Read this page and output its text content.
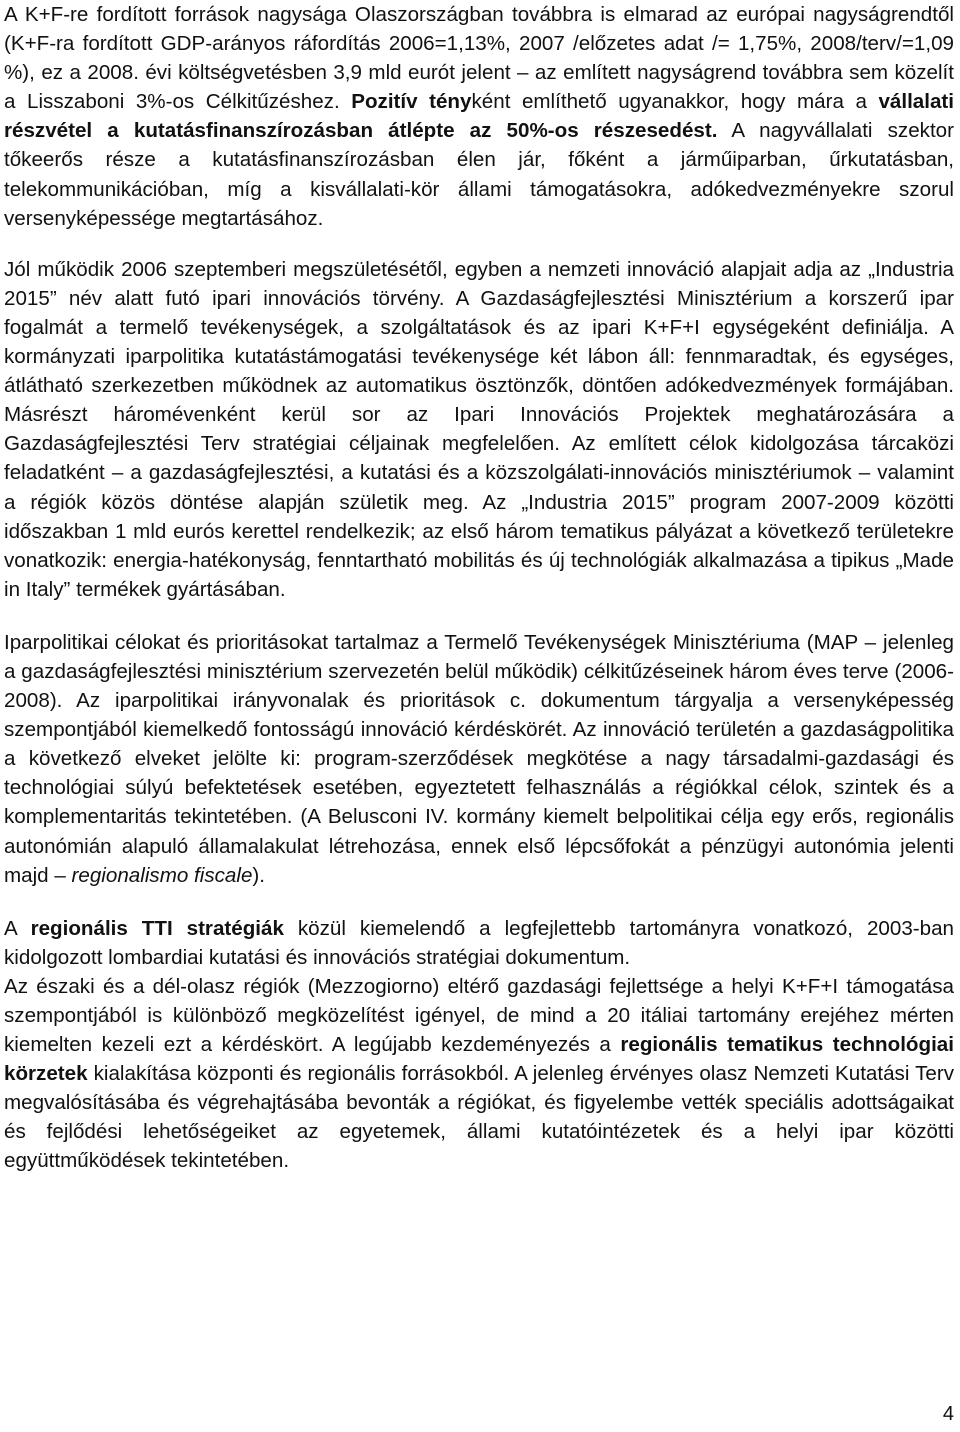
A K+F-re fordított források nagysága Olaszországban továbbra is elmarad az európai nagyságrendtől (K+F-ra fordított GDP-arányos ráfordítás 2006=1,13%, 2007 /előzetes adat /= 1,75%, 2008/terv/=1,09 %), ez a 2008. évi költségvetésben 3,9 mld eurót jelent – az említett nagyságrend továbbra sem közelít a Lisszaboni 3%-os Célkitűzéshez. Pozitív tényként említhető ugyanakkor, hogy mára a vállalati részvétel a kutatásfinanszírozásban átlépte az 50%-os részesedést. A nagyvállalati szektor tőkeerős része a kutatásfinanszírozásban élen jár, főként a járműiparban, űrkutatásban, telekommunikációban, míg a kisvállalati-kör állami támogatásokra, adókedvezményekre szorul versenyképessége megtartásához.

Jól működik 2006 szeptemberi megszületésétől, egyben a nemzeti innováció alapjait adja az „Industria 2015” név alatt futó ipari innovációs törvény. A Gazdaságfejlesztési Minisztérium a korszerű ipar fogalmát a termelő tevékenységek, a szolgáltatások és az ipari K+F+I egységeként definiálja. A kormányzati iparpolitika kutatástámogatási tevékenysége két lábon áll: fennmaradtak, és egységes, átlátható szerkezetben működnek az automatikus ösztönzők, döntően adókedvezmények formájában. Másrészt háromévenként kerül sor az Ipari Innovációs Projektek meghatározására a Gazdaságfejlesztési Terv stratégiai céljainak megfelelően. Az említett célok kidolgozása tárcaközi feladatként – a gazdaságfejlesztési, a kutatási és a közszolgálati-innovációs minisztériumok – valamint a régiók közös döntése alapján születik meg. Az „Industria 2015” program 2007-2009 közötti időszakban 1 mld eurós kerettel rendelkezik; az első három tematikus pályázat a következő területekre vonatkozik: energia-hatékonyság, fenntartható mobilitás és új technológiák alkalmazása a tipikus „Made in Italy” termékek gyártásában.

Iparpolitikai célokat és prioritásokat tartalmaz a Termelő Tevékenységek Minisztériuma (MAP – jelenleg a gazdaságfejlesztési minisztérium szervezetén belül működik) célkitűzéseinek három éves terve (2006-2008). Az iparpolitikai irányvonalak és prioritások c. dokumentum tárgyalja a versenyképesség szempontjából kiemelkedő fontosságú innováció kérdéskörét. Az innováció területén a gazdaságpolitika a következő elveket jelölte ki: program-szerződések megkötése a nagy társadalmi-gazdasági és technológiai súlyú befektetések esetében, egyeztetett felhasználás a régiókkal célok, szintek és a komplementaritás tekintetében. (A Belusconi IV. kormány kiemelt belpolitikai célja egy erős, regionális autonómián alapuló államalakulat létrehozása, ennek első lépcsőfokát a pénzügyi autonómia jelenti majd – regionalismo fiscale).

A regionális TTI stratégiák közül kiemelendő a legfejlettebb tartományra vonatkozó, 2003-ban kidolgozott lombardiai kutatási és innovációs stratégiai dokumentum.

Az északi és a dél-olasz régiók (Mezzogiorno) eltérő gazdasági fejlettsége a helyi K+F+I támogatása szempontjából is különböző megközelítést igényel, de mind a 20 itáliai tartomány erejéhez mérten kiemelten kezeli ezt a kérdéskört. A legújabb kezdeményezés a regionális tematikus technológiai körzetek kialakítása központi és regionális forrásokból. A jelenleg érvényes olasz Nemzeti Kutatási Terv megvalósításába és végrehajtásába bevonták a régiókat, és figyelembe vették speciális adottságaikat és fejlődési lehetőségeiket az egyetemek, állami kutatóintézetek és a helyi ipar közötti együttműködések tekintetében.

4
